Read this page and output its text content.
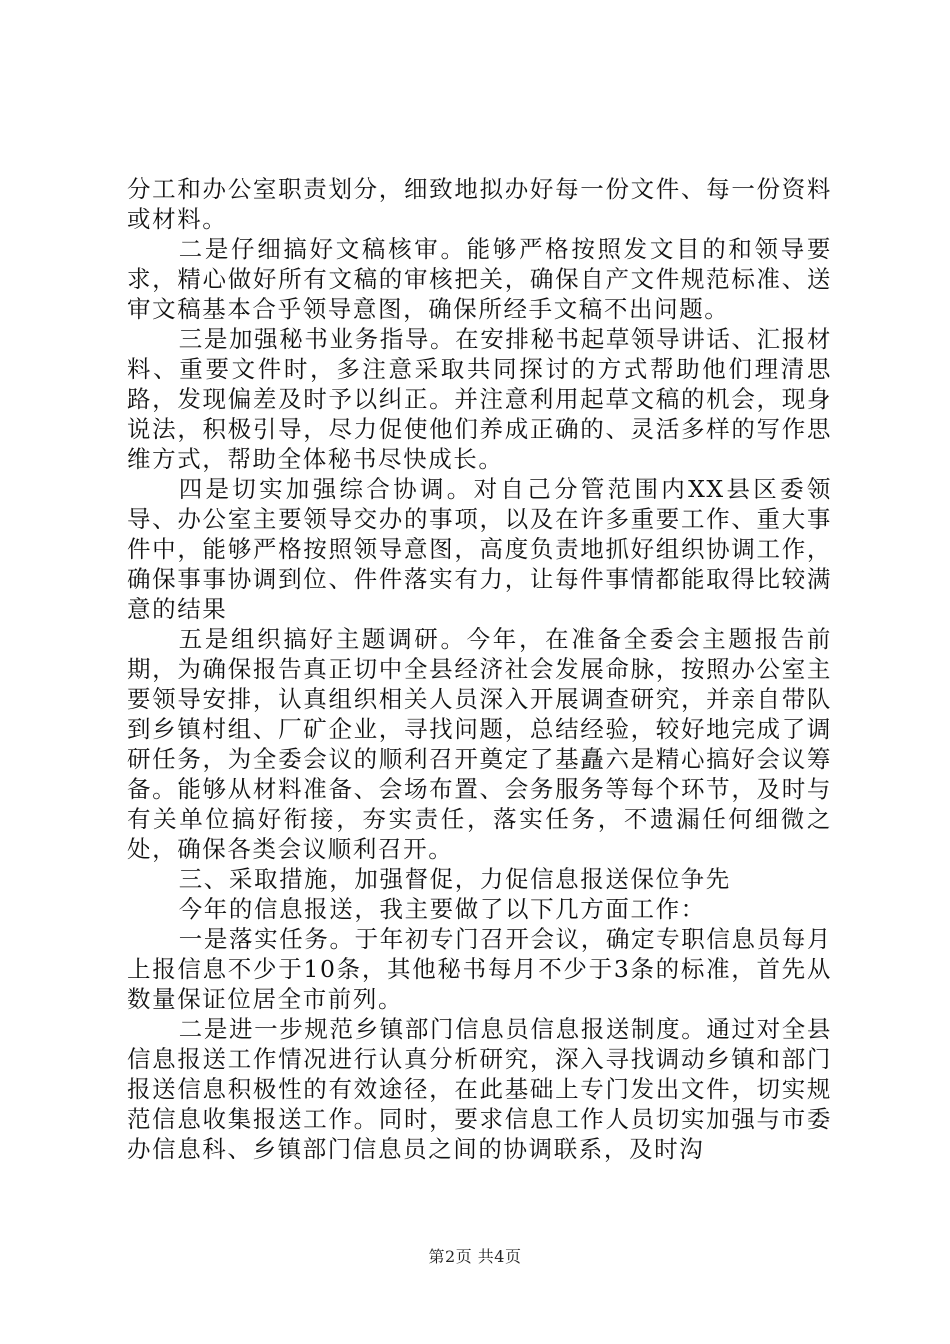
分工和办公室职责划分，细致地拟办好每一份文件、每一份资料或材料。

二是仔细搞好文稿核审。能够严格按照发文目的和领导要求，精心做好所有文稿的审核把关，确保自产文件规范标准、送审文稿基本合乎领导意图，确保所经手文稿不出问题。

三是加强秘书业务指导。在安排秘书起草领导讲话、汇报材料、重要文件时，多注意采取共同探讨的方式帮助他们理清思路，发现偏差及时予以纠正。并注意利用起草文稿的机会，现身说法，积极引导，尽力促使他们养成正确的、灵活多样的写作思维方式，帮助全体秘书尽快成长。

四是切实加强综合协调。对自己分管范围内XX县区委领导、办公室主要领导交办的事项，以及在许多重要工作、重大事件中，能够严格按照领导意图，高度负责地抓好组织协调工作，确保事事协调到位、件件落实有力，让每件事情都能取得比较满意的结果

五是组织搞好主题调研。今年，在准备全委会主题报告前期，为确保报告真正切中全县经济社会发展命脉，按照办公室主要领导安排，认真组织相关人员深入开展调查研究，并亲自带队到乡镇村组、厂矿企业，寻找问题，总结经验，较好地完成了调研任务，为全委会议的顺利召开奠定了基矗六是精心搞好会议筹备。能够从材料准备、会场布置、会务服务等每个环节，及时与有关单位搞好衔接，夯实责任，落实任务，不遗漏任何细微之处，确保各类会议顺利召开。

三、采取措施，加强督促，力促信息报送保位争先

今年的信息报送，我主要做了以下几方面工作：

一是落实任务。于年初专门召开会议，确定专职信息员每月上报信息不少于10条，其他秘书每月不少于3条的标准，首先从数量保证位居全市前列。

二是进一步规范乡镇部门信息员信息报送制度。通过对全县信息报送工作情况进行认真分析研究，深入寻找调动乡镇和部门报送信息积极性的有效途径，在此基础上专门发出文件，切实规范信息收集报送工作。同时，要求信息工作人员切实加强与市委办信息科、乡镇部门信息员之间的协调联系，及时沟

第2页 共4页
